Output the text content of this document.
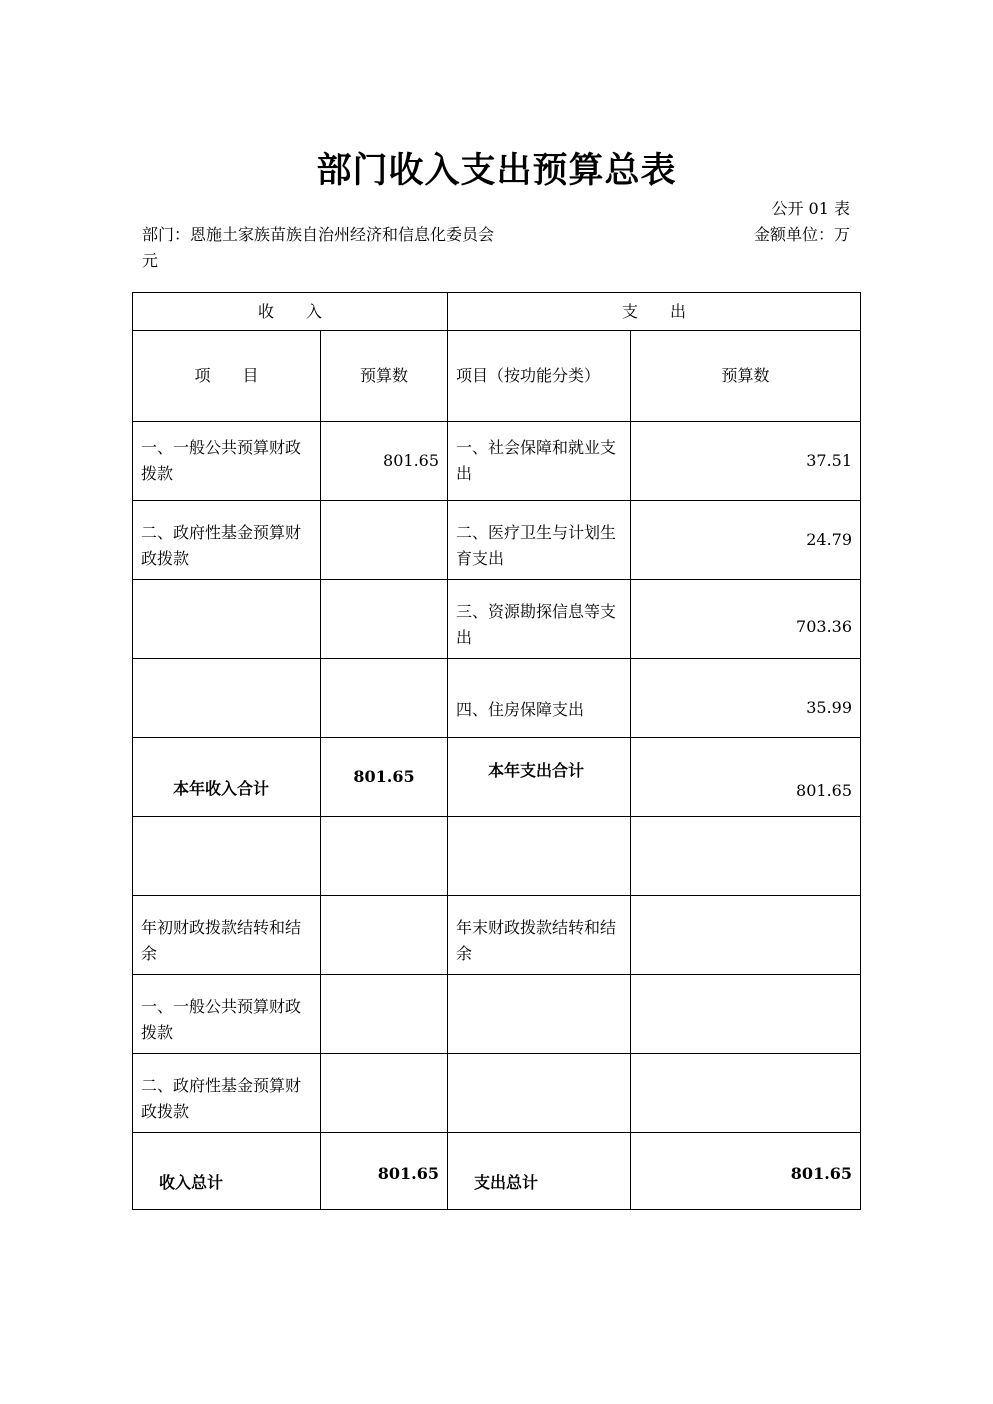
部门收入支出预算总表
公开 01 表
部门：恩施土家族苗族自治州经济和信息化委员会	金额单位：万
元
收　　入		支　　出	
项　　目	预算数	项目（按功能分类）	预算数
一、一般公共预算财政拨款	801.65	一、社会保障和就业支出	37.51
二、政府性基金预算财政拨款		二、医疗卫生与计划生育支出	24.79
		三、资源勘探信息等支出	703.36
		四、住房保障支出	35.99
本年收入合计	801.65	本年支出合计	801.65

年初财政拨款结转和结余		年末财政拨款结转和结余	
一、一般公共预算财政拨款			
二、政府性基金预算财政拨款			
收入总计	801.65	支出总计	801.65
